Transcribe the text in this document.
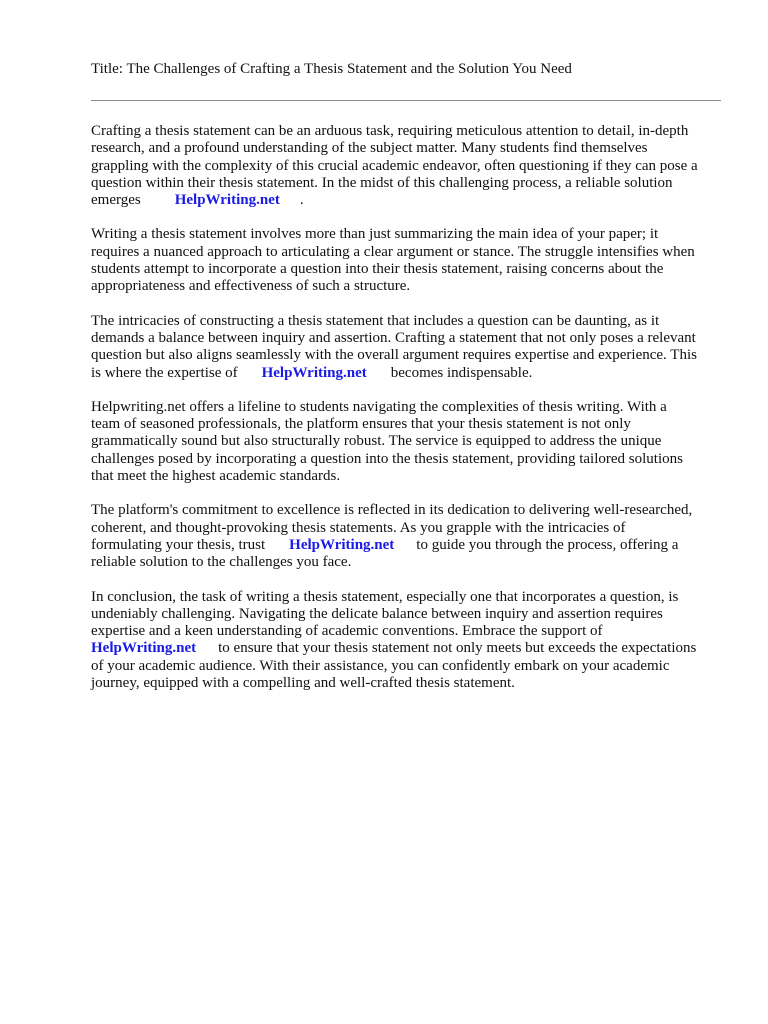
Title: The Challenges of Crafting a Thesis Statement and the Solution You Need

Crafting a thesis statement can be an arduous task, requiring meticulous attention to detail, in-depth
research, and a profound understanding of the subject matter. Many students find themselves
grappling with the complexity of this crucial academic endeavor, often questioning if they can pose a
question within their thesis statement. In the midst of this challenging process, a reliable solution
emerges HelpWriting.net .

Writing a thesis statement involves more than just summarizing the main idea of your paper; it
requires a nuanced approach to articulating a clear argument or stance. The struggle intensifies when
students attempt to incorporate a question into their thesis statement, raising concerns about the
appropriateness and effectiveness of such a structure.

The intricacies of constructing a thesis statement that includes a question can be daunting, as it
demands a balance between inquiry and assertion. Crafting a statement that not only poses a relevant
question but also aligns seamlessly with the overall argument requires expertise and experience. This
is where the expertise of HelpWriting.net becomes indispensable.

Helpwriting.net offers a lifeline to students navigating the complexities of thesis writing. With a
team of seasoned professionals, the platform ensures that your thesis statement is not only
grammatically sound but also structurally robust. The service is equipped to address the unique
challenges posed by incorporating a question into the thesis statement, providing tailored solutions
that meet the highest academic standards.

The platform's commitment to excellence is reflected in its dedication to delivering well-researched,
coherent, and thought-provoking thesis statements. As you grapple with the intricacies of
formulating your thesis, trust HelpWriting.net to guide you through the process, offering a
reliable solution to the challenges you face.

In conclusion, the task of writing a thesis statement, especially one that incorporates a question, is
undeniably challenging. Navigating the delicate balance between inquiry and assertion requires
expertise and a keen understanding of academic conventions. Embrace the support of
HelpWriting.net to ensure that your thesis statement not only meets but exceeds the expectations
of your academic audience. With their assistance, you can confidently embark on your academic
journey, equipped with a compelling and well-crafted thesis statement.
